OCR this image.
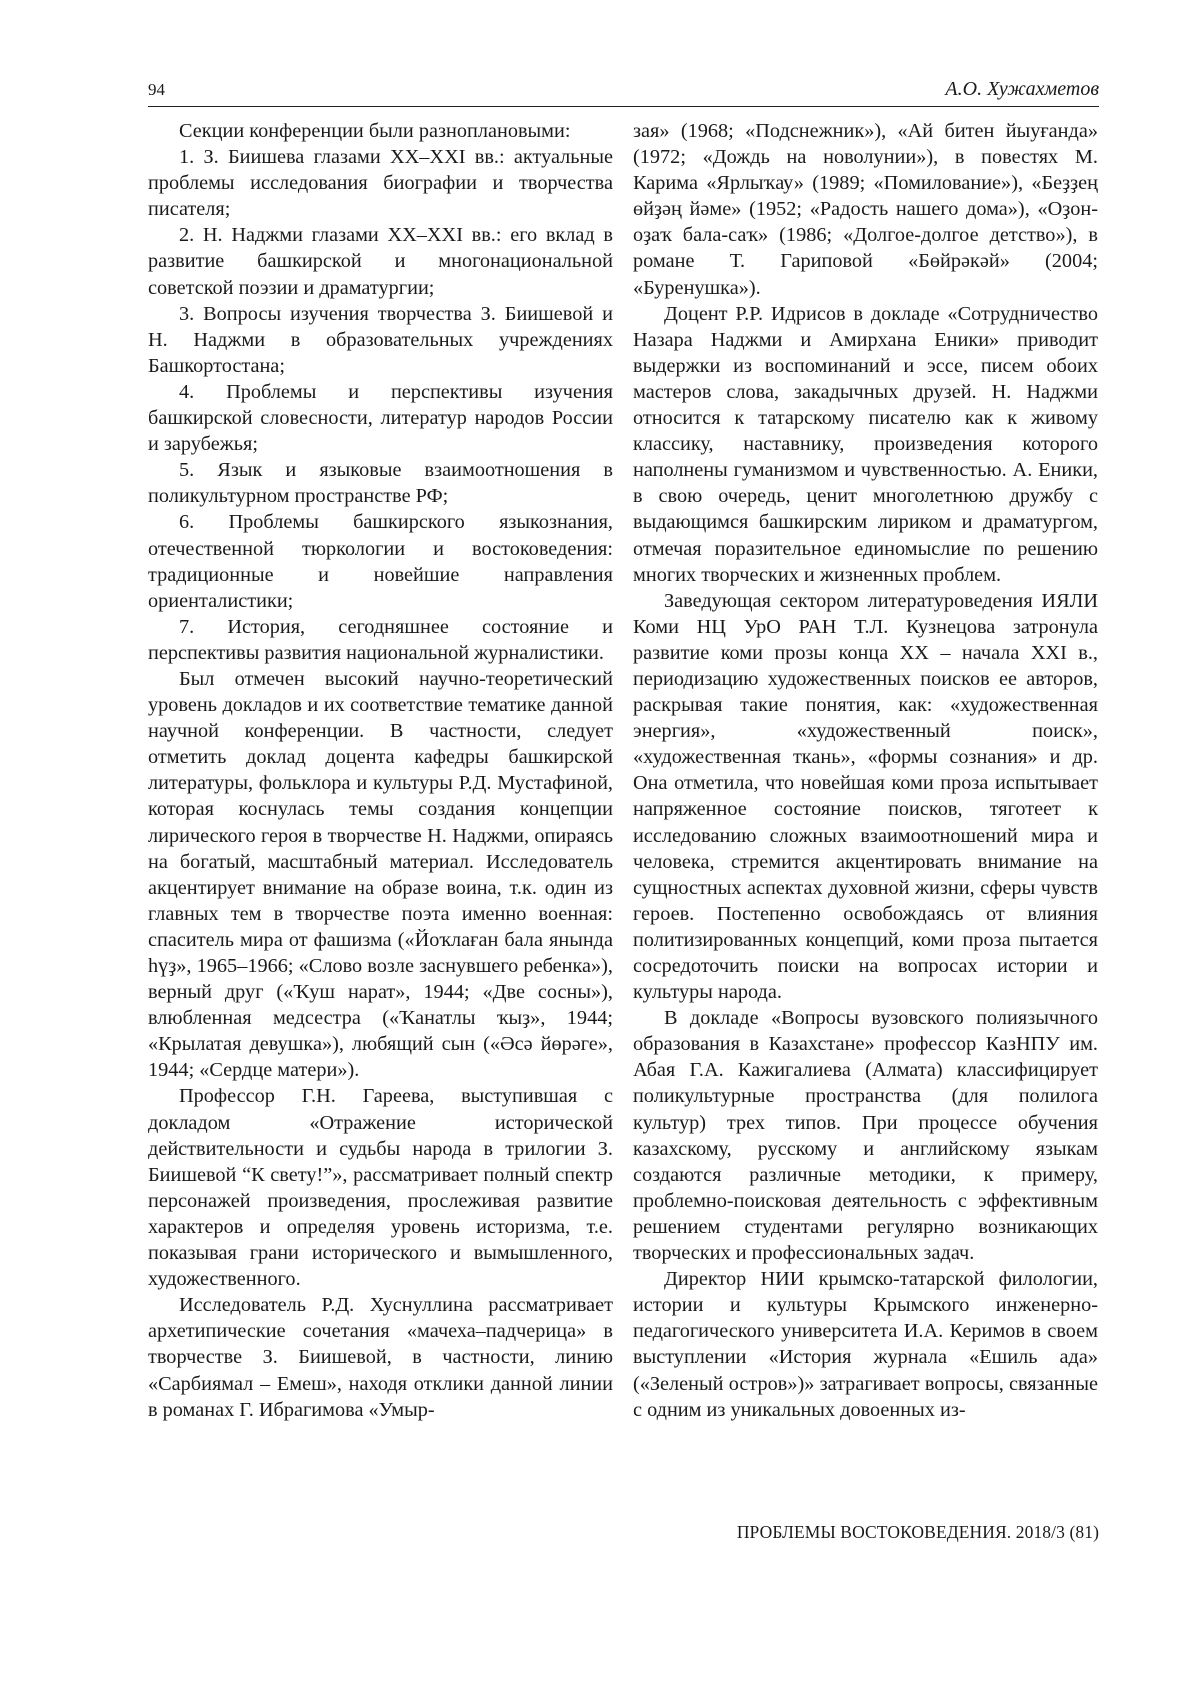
94	А.О. Хужахметов

Секции конференции были разноплановыми:

1. З. Биишева глазами XX–XXI вв.: актуальные проблемы исследования биографии и творчества писателя;

2. Н. Наджми глазами XX–XXI вв.: его вклад в развитие башкирской и многонациональной советской поэзии и драматургии;

3. Вопросы изучения творчества З. Биишевой и Н. Наджми в образовательных учреждениях Башкортостана;

4. Проблемы и перспективы изучения башкирской словесности, литератур народов России и зарубежья;

5. Язык и языковые взаимоотношения в поликультурном пространстве РФ;

6. Проблемы башкирского языкознания, отечественной тюркологии и востоковедения: традиционные и новейшие направления ориенталистики;

7. История, сегодняшнее состояние и перспективы развития национальной журналистики.

Был отмечен высокий научно-теоретический уровень докладов и их соответствие тематике данной научной конференции. В частности, следует отметить доклад доцента кафедры башкирской литературы, фольклора и культуры Р.Д. Мустафиной, которая коснулась темы создания концепции лирического героя в творчестве Н. Наджми, опираясь на богатый, масштабный материал. Исследователь акцентирует внимание на образе воина, т.к. один из главных тем в творчестве поэта именно военная: спаситель мира от фашизма («Йоҡлаған бала янында һүҙ», 1965–1966; «Слово возле заснувшего ребенка»), верный друг («Ҡуш нарат», 1944; «Две сосны»), влюбленная медсестра («Ҡанатлы ҡыҙ», 1944; «Крылатая девушка»), любящий сын («Әсә йөрәге», 1944; «Сердце матери»).

Профессор Г.Н. Гареева, выступившая с докладом «Отражение исторической действительности и судьбы народа в трилогии З. Биишевой “К свету!”», рассматривает полный спектр персонажей произведения, прослеживая развитие характеров и определяя уровень историзма, т.е. показывая грани исторического и вымышленного, художественного.

Исследователь Р.Д. Хуснуллина рассматривает архетипические сочетания «мачеха–падчерица» в творчестве З. Биишевой, в частности, линию «Сарбиямал – Емеш», находя отклики данной линии в романах Г. Ибрагимова «Умыр-

зая» (1968; «Подснежник»), «Ай битен йыуғанда» (1972; «Дождь на новолунии»), в повестях М. Карима «Ярлыҡау» (1989; «Помилование»), «Беҙҙең өйҙәң йәме» (1952; «Радость нашего дома»), «Оҙон-оҙаҡ бала-саҡ» (1986; «Долгое-долгое детство»), в романе Т. Гариповой «Бөйрәкәй» (2004; «Буренушка»).

Доцент Р.Р. Идрисов в докладе «Сотрудничество Назара Наджми и Амирхана Еники» приводит выдержки из воспоминаний и эссе, писем обоих мастеров слова, закадычных друзей. Н. Наджми относится к татарскому писателю как к живому классику, наставнику, произведения которого наполнены гуманизмом и чувственностью. А. Еники, в свою очередь, ценит многолетнюю дружбу с выдающимся башкирским лириком и драматургом, отмечая поразительное единомыслие по решению многих творческих и жизненных проблем.

Заведующая сектором литературоведения ИЯЛИ Коми НЦ УрО РАН Т.Л. Кузнецова затронула развитие коми прозы конца XX – начала XXI в., периодизацию художественных поисков ее авторов, раскрывая такие понятия, как: «художественная энергия», «художественный поиск», «художественная ткань», «формы сознания» и др. Она отметила, что новейшая коми проза испытывает напряженное состояние поисков, тяготеет к исследованию сложных взаимоотношений мира и человека, стремится акцентировать внимание на сущностных аспектах духовной жизни, сферы чувств героев. Постепенно освобождаясь от влияния политизированных концепций, коми проза пытается сосредоточить поиски на вопросах истории и культуры народа.

В докладе «Вопросы вузовского полиязычного образования в Казахстане» профессор КазНПУ им. Абая Г.А. Кажигалиева (Алмата) классифицирует поликультурные пространства (для полилога культур) трех типов. При процессе обучения казахскому, русскому и английскому языкам создаются различные методики, к примеру, проблемно-поисковая деятельность с эффективным решением студентами регулярно возникающих творческих и профессиональных задач.

Директор НИИ крымско-татарской филологии, истории и культуры Крымского инженерно-педагогического университета И.А. Керимов в своем выступлении «История журнала «Ешиль ада» («Зеленый остров»)» затрагивает вопросы, связанные с одним из уникальных довоенных из-

ПРОБЛЕМЫ ВОСТОКОВЕДЕНИЯ. 2018/3 (81)
